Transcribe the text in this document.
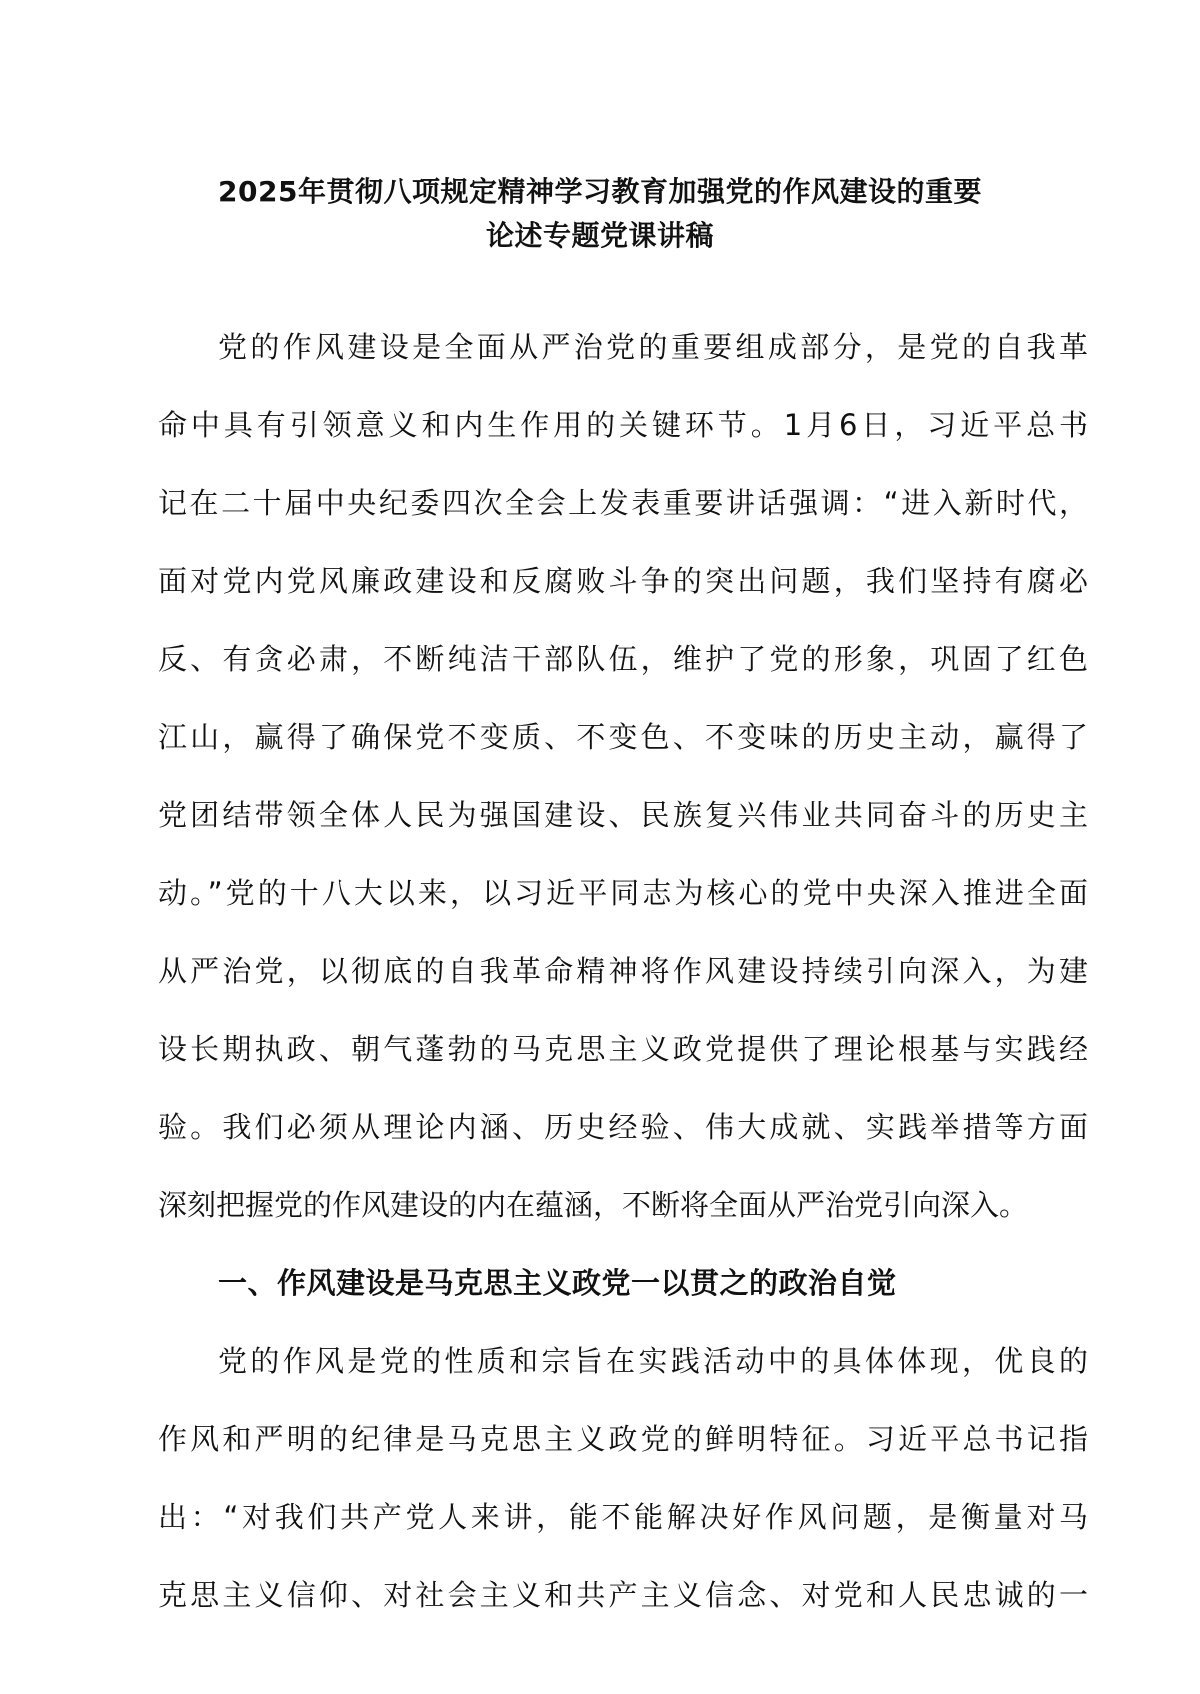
2025年贯彻八项规定精神学习教育加强党的作风建设的重要
论述专题党课讲稿
党的作风建设是全面从严治党的重要组成部分，是党的自我革
命中具有引领意义和内生作用的关键环节。1月6日，习近平总书
记在二十届中央纪委四次全会上发表重要讲话强调：“进入新时代，
面对党内党风廉政建设和反腐败斗争的突出问题，我们坚持有腐必
反、有贪必肃，不断纯洁干部队伍，维护了党的形象，巩固了红色
江山，赢得了确保党不变质、不变色、不变味的历史主动，赢得了
党团结带领全体人民为强国建设、民族复兴伟业共同奋斗的历史主
动。”党的十八大以来，以习近平同志为核心的党中央深入推进全面
从严治党，以彻底的自我革命精神将作风建设持续引向深入，为建
设长期执政、朝气蓬勃的马克思主义政党提供了理论根基与实践经
验。我们必须从理论内涵、历史经验、伟大成就、实践举措等方面
深刻把握党的作风建设的内在蕴涵，不断将全面从严治党引向深入。
一、作风建设是马克思主义政党一以贯之的政治自觉
党的作风是党的性质和宗旨在实践活动中的具体体现，优良的
作风和严明的纪律是马克思主义政党的鲜明特征。习近平总书记指
出：“对我们共产党人来讲，能不能解决好作风问题，是衡量对马
克思主义信仰、对社会主义和共产主义信念、对党和人民忠诚的一
